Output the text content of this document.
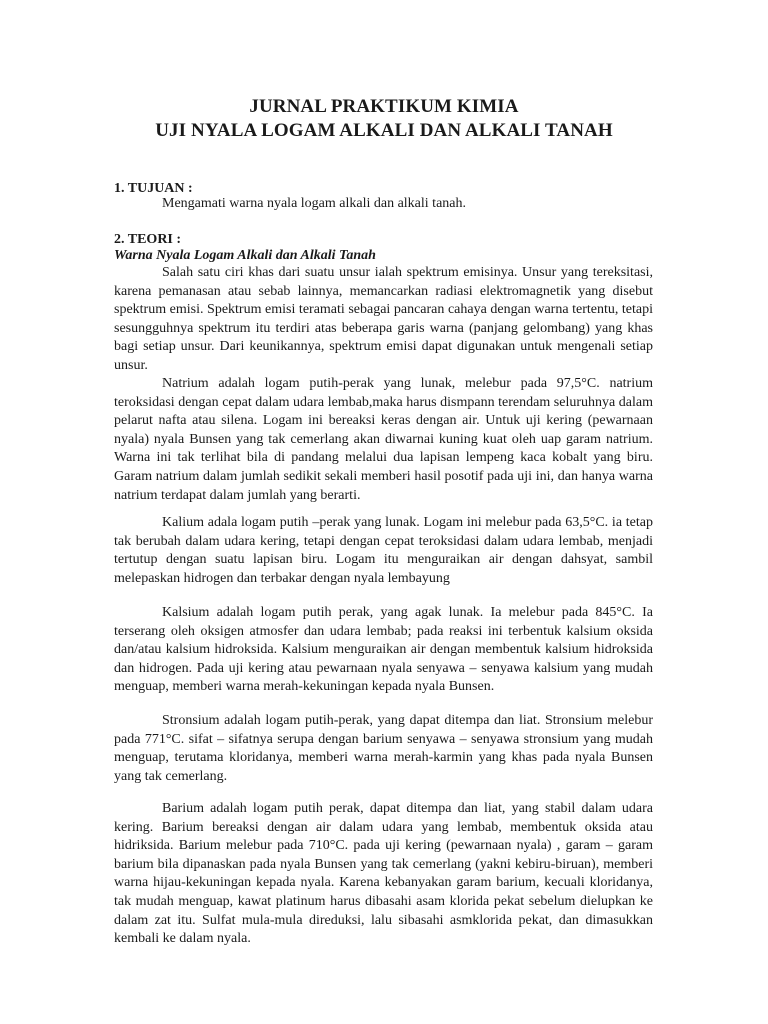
JURNAL PRAKTIKUM KIMIA
UJI NYALA LOGAM ALKALI DAN ALKALI TANAH
1. TUJUAN :
Mengamati warna nyala logam alkali dan alkali tanah.
2. TEORI :
Warna Nyala Logam Alkali dan Alkali Tanah

Salah satu ciri khas dari suatu unsur ialah spektrum emisinya. Unsur yang tereksitasi, karena pemanasan atau sebab lainnya, memancarkan radiasi elektromagnetik yang disebut spektrum emisi. Spektrum emisi teramati sebagai pancaran cahaya dengan warna tertentu, tetapi sesungguhnya spektrum itu terdiri atas beberapa garis warna (panjang gelombang) yang khas bagi setiap unsur. Dari keunikannya, spektrum emisi dapat digunakan untuk mengenali setiap unsur.

Natrium adalah logam putih-perak yang lunak, melebur pada 97,5°C. natrium teroksidasi dengan cepat dalam udara lembab,maka harus dismpann terendam seluruhnya dalam pelarut nafta atau silena. Logam ini bereaksi keras dengan air. Untuk uji kering (pewarnaan nyala) nyala Bunsen yang tak cemerlang akan diwarnai kuning kuat oleh uap garam natrium. Warna ini tak terlihat bila di pandang melalui dua lapisan lempeng kaca kobalt yang biru. Garam natrium dalam jumlah sedikit sekali memberi hasil posotif pada uji ini, dan hanya warna natrium terdapat dalam jumlah yang berarti.

Kalium adala logam putih –perak yang lunak. Logam ini melebur pada 63,5°C. ia tetap tak berubah dalam udara kering, tetapi dengan cepat teroksidasi dalam udara lembab, menjadi tertutup dengan suatu lapisan biru. Logam itu menguraikan air dengan dahsyat, sambil melepaskan hidrogen dan terbakar dengan nyala lembayung

Kalsium adalah logam putih perak, yang agak lunak. Ia melebur pada 845°C. Ia terserang oleh oksigen atmosfer dan udara lembab; pada reaksi ini terbentuk kalsium oksida dan/atau kalsium hidroksida. Kalsium menguraikan air dengan membentuk kalsium hidroksida dan hidrogen. Pada uji kering atau pewarnaan nyala senyawa – senyawa kalsium yang mudah menguap, memberi warna merah-kekuningan kepada nyala Bunsen.

Stronsium adalah logam putih-perak, yang dapat ditempa dan liat. Stronsium melebur pada 771°C. sifat – sifatnya serupa dengan barium senyawa – senyawa stronsium yang mudah menguap, terutama kloridanya, memberi warna merah-karmin yang khas pada nyala Bunsen yang tak cemerlang.

Barium adalah logam putih perak, dapat ditempa dan liat, yang stabil dalam udara kering. Barium bereaksi dengan air dalam udara yang lembab, membentuk oksida atau hidriksida. Barium melebur pada 710°C. pada uji kering (pewarnaan nyala) , garam – garam barium bila dipanaskan pada nyala Bunsen yang tak cemerlang (yakni kebiru-biruan), memberi warna hijau-kekuningan kepada nyala. Karena kebanyakan garam barium, kecuali kloridanya, tak mudah menguap, kawat platinum harus dibasahi asam klorida pekat sebelum dielupkan ke dalam zat itu. Sulfat mula-mula direduksi, lalu sibasahi asmklorida pekat, dan dimasukkan kembali ke dalam nyala.
